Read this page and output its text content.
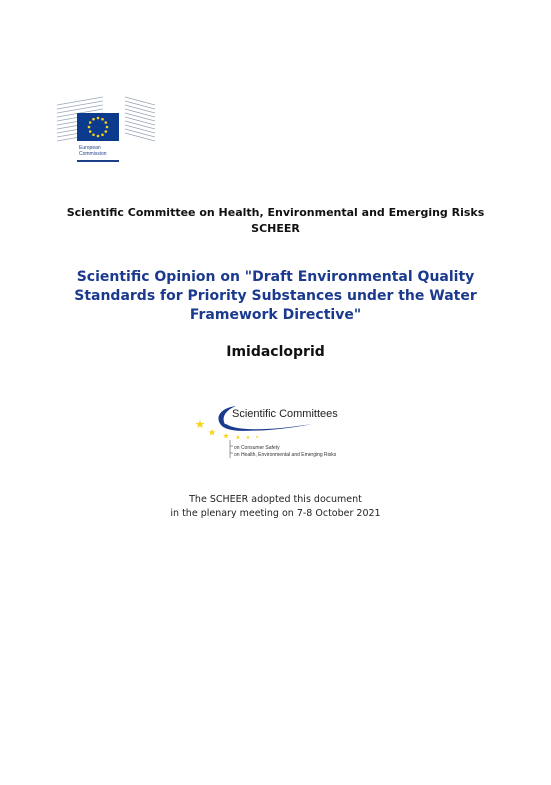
European
Commission
Scientific Committee on Health, Environmental and Emerging Risks
SCHEER
Scientific Opinion on "Draft Environmental Quality Standards for Priority Substances under the Water Framework Directive"
Imidacloprid
Scientific Committees
on Consumer Safety
on Health, Environmental and Emerging Risks
The SCHEER adopted this document
in the plenary meeting on 7-8 October 2021
